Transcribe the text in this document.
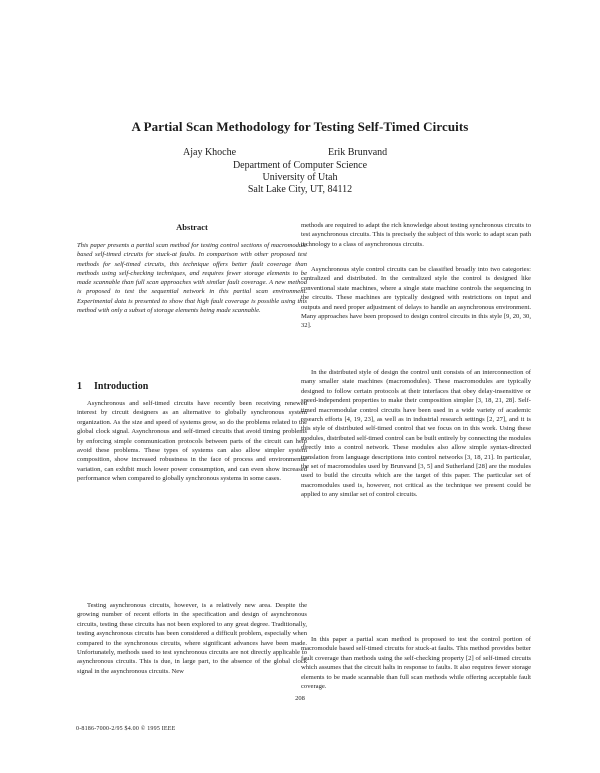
A Partial Scan Methodology for Testing Self-Timed Circuits
Ajay Khoche	Erik Brunvand
Department of Computer Science
University of Utah
Salt Lake City, UT, 84112
Abstract

This paper presents a partial scan method for testing control sections of macromodule based self-timed circuits for stuck-at faults. In comparison with other proposed test methods for self-timed circuits, this technique offers better fault coverage than methods using self-checking techniques, and requires fewer storage elements to be made scannable than full scan approaches with similar fault coverage. A new method is proposed to test the sequential network in this partial scan environment. Experimental data is presented to show that high fault coverage is possible using this method with only a subset of storage elements being made scannable.

1 Introduction

Asynchronous and self-timed circuits have recently been receiving renewed interest by circuit designers as an alternative to globally synchronous system organization. As the size and speed of systems grow, so do the problems related to the global clock signal. Asynchronous and self-timed circuits that avoid timing problems by enforcing simple communication protocols between parts of the circuit can help avoid these problems. These types of systems can also allow simpler system composition, show increased robustness in the face of process and environmental variation, can exhibit much lower power consumption, and can even show increased performance when compared to globally synchronous systems in some cases.

Testing asynchronous circuits, however, is a relatively new area. Despite the growing number of recent efforts in the specification and design of asynchronous circuits, testing these circuits has not been explored to any great degree. Traditionally, testing asynchronous circuits has been considered a difficult problem, especially when compared to the synchronous circuits, where significant advances have been made. Unfortunately, methods used to test synchronous circuits are not directly applicable to asynchronous circuits. This is due, in large part, to the absence of the global clock signal in the asynchronous circuits. New

methods are required to adapt the rich knowledge about testing synchronous circuits to test asynchronous circuits. This is precisely the subject of this work: to adapt scan path technology to a class of asynchronous circuits.

Asynchronous style control circuits can be classified broadly into two categories: centralized and distributed. In the centralized style the control is designed like conventional state machines, where a single state machine controls the sequencing in the circuits. These machines are typically designed with restrictions on input and outputs and need proper adjustment of delays to handle an asynchronous environment. Many approaches have been proposed to design control circuits in this style [9, 20, 30, 32].

In the distributed style of design the control unit consists of an interconnection of many smaller state machines (macromodules). These macromodules are typically designed to follow certain protocols at their interfaces that obey delay-insensitive or speed-independent properties to make their composition simpler [3, 18, 21, 28]. Self-timed macromodular control circuits have been used in a wide variety of academic research efforts [4, 19, 23], as well as in industrial research settings [2, 27], and it is this style of distributed self-timed control that we focus on in this work. Using these modules, distributed self-timed control can be built entirely by connecting the modules directly into a control network. These modules also allow simple syntax-directed translation from language descriptions into control networks [3, 18, 21]. In particular, the set of macromodules used by Brunvand [3, 5] and Sutherland [28] are the modules used to build the circuits which are the target of this paper. The particular set of macromodules used is, however, not critical as the technique we present could be applied to any similar set of control circuits.

In this paper a partial scan method is proposed to test the control portion of macromodule based self-timed circuits for stuck-at faults. This method provides better fault coverage than methods using the self-checking property [2] of self-timed circuits which assumes that the circuit halts in response to faults. It also requires fewer storage elements to be made scannable than full scan methods while offering acceptable fault coverage.

208
0-8186-7000-2/95 $4.00 © 1995 IEEE
